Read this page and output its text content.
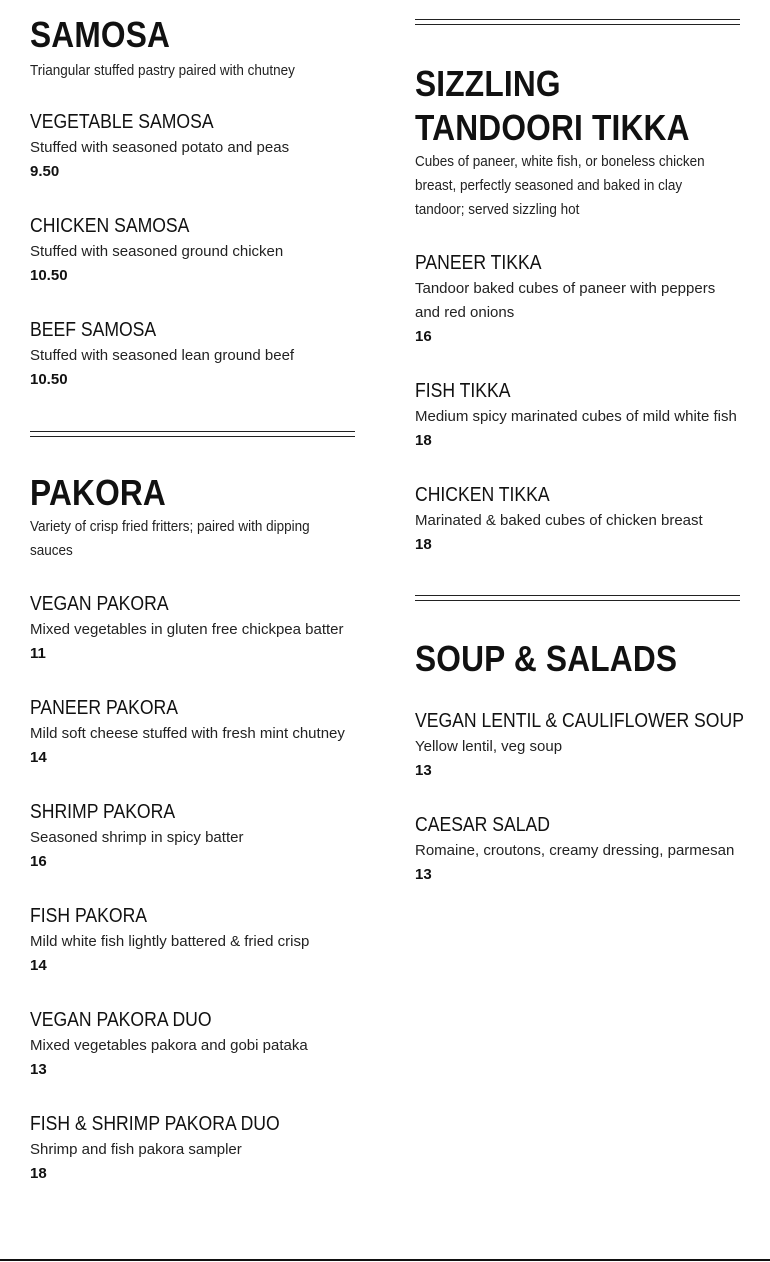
SAMOSA

Triangular stuffed pastry paired with chutney

VEGETABLE SAMOSA

Stuffed with seasoned potato and peas

9.50

CHICKEN SAMOSA

Stuffed with seasoned ground chicken

10.50

BEEF SAMOSA

Stuffed with seasoned lean ground beef

10.50

PAKORA

Variety of crisp fried fritters; paired with dipping sauces

VEGAN PAKORA

Mixed vegetables in gluten free chickpea batter

11

PANEER PAKORA

Mild soft cheese stuffed with fresh mint chutney

14

SHRIMP PAKORA

Seasoned shrimp in spicy batter

16

FISH PAKORA

Mild white fish lightly battered & fried crisp

14

VEGAN PAKORA DUO

Mixed vegetables pakora and gobi pataka

13

FISH & SHRIMP PAKORA DUO

Shrimp and fish pakora sampler

18

SIZZLING
TANDOORI TIKKA

Cubes of paneer, white fish, or boneless chicken breast, perfectly seasoned and baked in clay tandoor; served sizzling hot

PANEER TIKKA

Tandoor baked cubes of paneer with peppers and red onions

16

FISH TIKKA

Medium spicy marinated cubes of mild white fish

18

CHICKEN TIKKA

Marinated & baked cubes of chicken breast

18

SOUP & SALADS

VEGAN LENTIL & CAULIFLOWER SOUP

Yellow lentil, veg soup

13

CAESAR SALAD

Romaine, croutons, creamy dressing, parmesan

13
